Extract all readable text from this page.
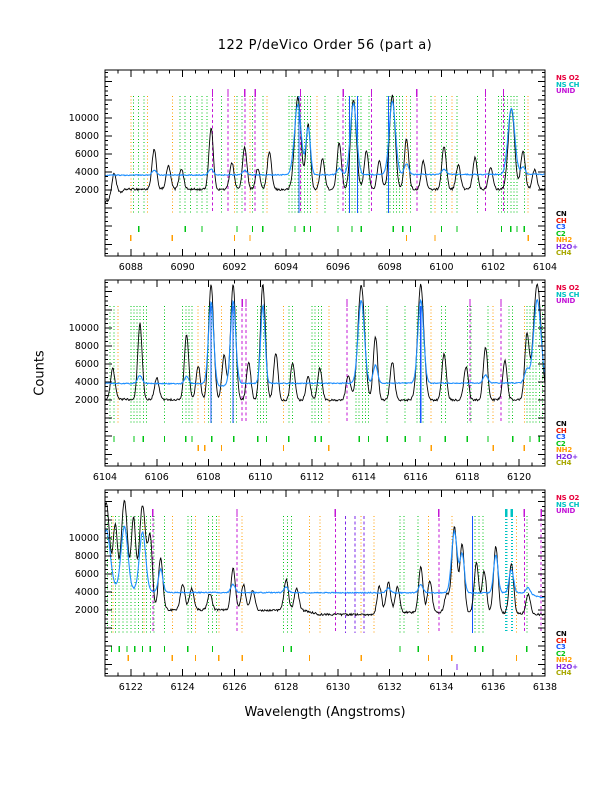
6088	6090	6092	6094	6096	6098	6100	6102	6104
2000
4000
6000
8000
10000
6104	6106	6108	6110	6112	6114	6116	6118	6120
2000
4000
6000
8000
10000
6122	6124	6126	6128	6130	6132	6134	6136	6138
2000
4000
6000
8000
10000
122 P/deVico Order 56 (part a)
Counts
Wavelength (Angstroms)
NS O2
NS CH
UNID
CN
CH
C3
C2
NH2
H2O+
CH4
NS O2
NS CH
UNID
CN
CH
C3
C2
NH2
H2O+
CH4
NS O2
NS CH
UNID
CN
CH
C3
C2
NH2
H2O+
CH4
